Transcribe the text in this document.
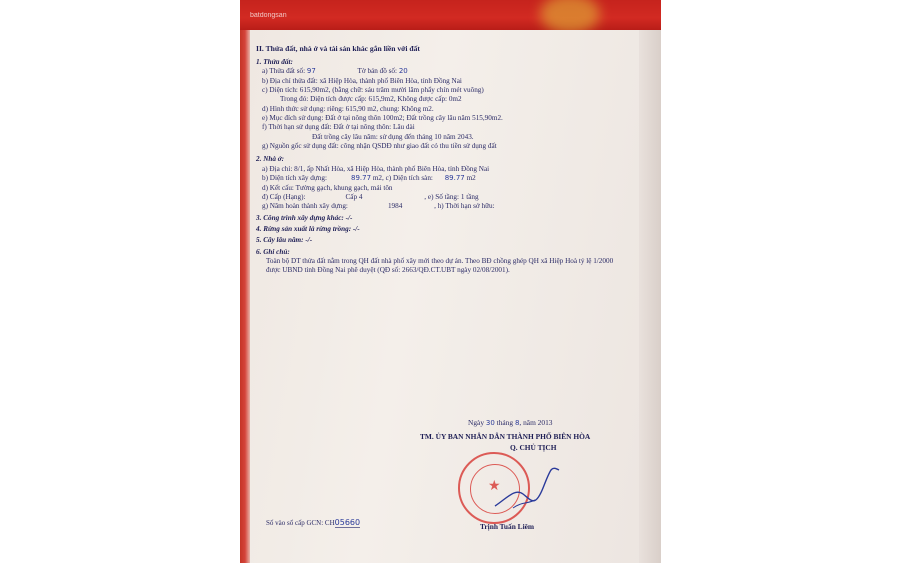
batdongsan
II. Thửa đất, nhà ở và tài sản khác gắn liền với đất
1. Thửa đất:
a) Thửa đất số: 97	Tờ bản đồ số: 20
b) Địa chỉ thửa đất: xã Hiệp Hòa, thành phố Biên Hòa, tỉnh Đồng Nai
c) Diện tích: 615,90m2, (bằng chữ: sáu trăm mười lăm phẩy chín mét vuông)
Trong đó: Diện tích được cấp: 615,9m2, Không được cấp: 0m2
d) Hình thức sử dụng: riêng: 615,90 m2, chung: Không m2.
e) Mục đích sử dụng: Đất ở tại nông thôn 100m2; Đất trồng cây lâu năm 515,90m2.
f) Thời hạn sử dụng đất: Đất ở tại nông thôn: Lâu dài
Đất trồng cây lâu năm: sử dụng đến tháng 10 năm 2043.
g) Nguồn gốc sử dụng đất: công nhận QSDĐ như giao đất có thu tiền sử dụng đất
2. Nhà ở:
a) Địa chỉ: 8/1, ấp Nhất Hòa, xã Hiệp Hòa, thành phố Biên Hòa, tỉnh Đồng Nai
b) Diện tích xây dựng:	89.77 m2, c) Diện tích sàn: 89.77 m2
d) Kết cấu: Tường gạch, khung gạch, mái tôn
đ) Cấp (Hạng):	Cấp 4	, e) Số tầng: 1 tầng
g) Năm hoàn thành xây dựng:	1984	, h) Thời hạn sở hữu:
3. Công trình xây dựng khác: -/-
4. Rừng sản xuất là rừng trồng: -/-
5. Cây lâu năm: -/-
6. Ghi chú:
Toàn bộ DT thửa đất nằm trong QH đất nhà phố xây mới theo dự án. Theo BĐ chồng ghép QH xã Hiệp Hoà tỷ lệ 1/2000 được UBND tỉnh Đồng Nai phê duyệt (QĐ số: 2663/QĐ.CT.UBT ngày 02/08/2001).
Ngày 30 tháng 8, năm 2013
TM. ỦY BAN NHÂN DÂN THÀNH PHỐ BIÊN HÒA
Q. CHỦ TỊCH
★
Trịnh Tuấn Liêm
Số vào sổ cấp GCN: CH05660
